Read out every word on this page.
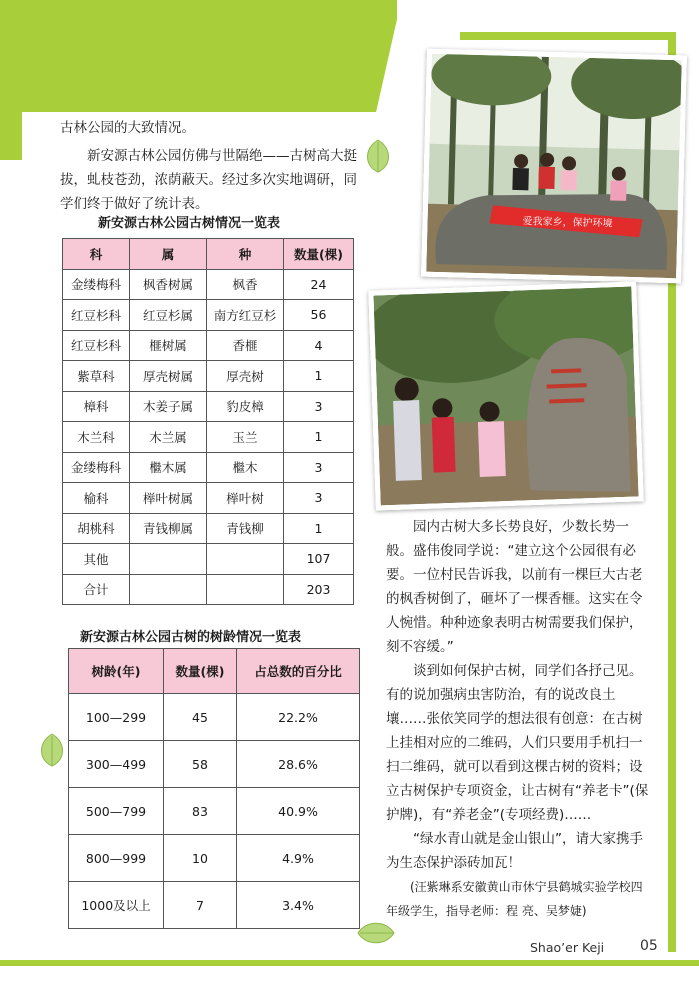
爱我家乡，保护环境

古林公园的大致情况。

新安源古林公园仿佛与世隔绝——古树高大挺拔，虬枝苍劲，浓荫蔽天。经过多次实地调研，同学们终于做好了统计表。

新安源古林公园古树情况一览表
科	属	种	数量(棵)
金缕梅科	枫香树属	枫香	24
红豆杉科	红豆杉属	南方红豆杉	56
红豆杉科	榧树属	香榧	4
紫草科	厚壳树属	厚壳树	1
樟科	木姜子属	豹皮樟	3
木兰科	木兰属	玉兰	1
金缕梅科	檵木属	檵木	3
榆科	榉叶树属	榉叶树	3
胡桃科	青钱柳属	青钱柳	1
其他			107
合计			203
新安源古林公园古树的树龄情况一览表
树龄(年)	数量(棵)	占总数的百分比
100—299	45	22.2%
300—499	58	28.6%
500—799	83	40.9%
800—999	10	4.9%
1000及以上	7	3.4%

园内古树大多长势良好，少数长势一般。盛伟俊同学说：“建立这个公园很有必要。一位村民告诉我，以前有一棵巨大古老的枫香树倒了，砸坏了一棵香榧。这实在令人惋惜。种种迹象表明古树需要我们保护，刻不容缓。”

谈到如何保护古树，同学们各抒己见。有的说加强病虫害防治，有的说改良土壤……张依笑同学的想法很有创意：在古树上挂相对应的二维码，人们只要用手机扫一扫二维码，就可以看到这棵古树的资料；设立古树保护专项资金，让古树有“养老卡”(保护牌)，有“养老金”(专项经费)……

“绿水青山就是金山银山”，请大家携手为生态保护添砖加瓦！

(汪紫琳系安徽黄山市休宁县鹤城实验学校四年级学生，指导老师：程 亮、吴梦婕)

Shao’er Keji	05
